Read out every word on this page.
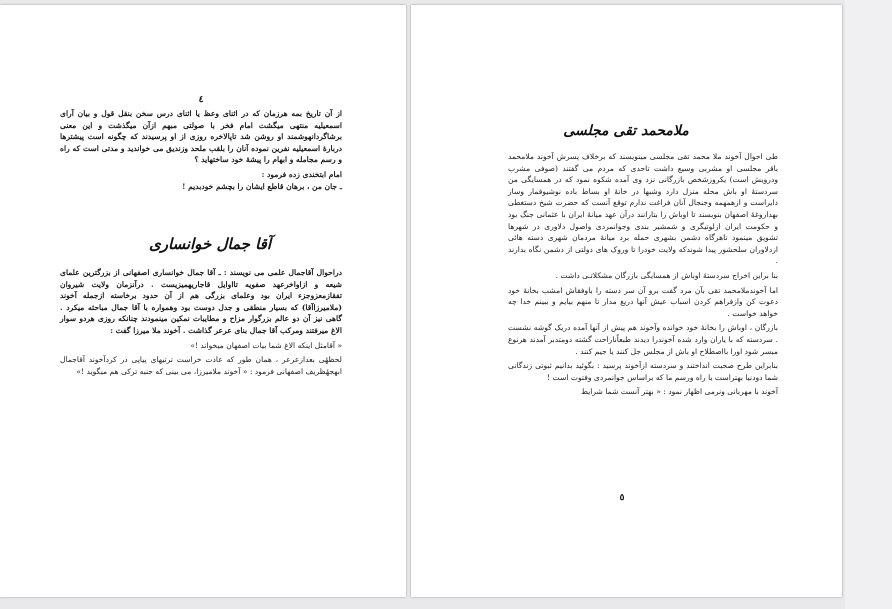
٤

از آن تاریخ بمه هرزمان که در اثنای وعظ یا اثنای درس سخن بنقل قول و بیان آرای اسمعیلیه منتهی میگشت امام فخر با صولتی مبهم ازآن میگذشت و این معنی برشاگردانهوشمند او روشن شد تاپالاخره روزی از او پرسیدند که چگونه است پیشترها دربارهٔ اسمعیلیه نفرین نموده آنان را بلقب ملحد وزندیق می خواندید و مدتی است که راه و رسم مجامله و ابهام را پیشهٔ خود ساختهاید ؟

امام ابتخندی زده فرمود :

ـ جان من ، برهان قاطع ایشان را بچشم خودبدیم !

آقا جمال خوانساری

دراحوال آقاجمال علمی می نویسند : ـ آقا جمال خوانساری اصفهانی از بزرگترین علمای شیعه و ازاواخرعهد صفویه تااوایل قاجاریهمیزیست . درآنزمان ولایت شیروان تفقازمعزوجزء ایران بود وعلمای بزرگی هم از آن حدود برخاسته ازجمله آخوند (ملامیرزاآقا) که بسیار منطقی و جدل دوست بود وهمواره با آقا جمال مباحثه میکرد . گاهی نیز آن دو عالم بزرگوار مزاح و مطایبات نمکین مینمودند چنانکه روزی هردو سوار الاغ میرفتند ومرکب آقا جمال بنای عرعر گذاشت . آخوند ملا میرزا گفت :

« آقامثل اینکه الاغ شما بیات اصفهان میخواند !»

لحظهٔی بعدازعرعر ، همان طور که عادت خراست ترتیهای پیاپی در کردآخوند آقاجمال ابهجهٔظریف اصفهانی فرمود : « آخوند ملامیرزا، می بینی که جنبه ترکی هم میگوید !»

ملامحمد تقی مجلسی

طی احوال آخوند ملا محمد تقی مجلسی مینویسند که برخلاف پسرش آخوند ملامحمد باقر مجلسی او مشربی وسیع داشت تاحدی که مردم می گفتند (صوفی مشرب ودرویش است) یکروزشخص بازرگانی نزد وی آمده شکوه نمود که در همسایگی من سردستهٔ او باش محله منزل دارد وشبها در خانهٔ او بساط باده نوشیوقمار وساز دایراست و ازهمهمه وجنجال آنان فراغت ندارم توقع آنست که حضرت شیخ دستغطی بهداروغهٔ اصفهان بنویسند تا اوباش را بتارانند درآن عهد میانهٔ ایران با عثمانی جنگ بود و حکومت ایران ازلوتیگری و شمشیر بندی وجوانمردی واصول دلاوری در شهرها تشویق مینمود تاهرگاه دشمن بشهری حمله برد میانهٔ مردمان شهری دسته هائی ازدلاوران سلحشور پیدا شوندکه ولایت خودرا تا وروک های دولتی از دشمن نگاه بدارند .

بنا براین اخراج سردستهٔ اوباش از همسایگی بازرگان مشکلاتـی داشت .

اما آخوندملامحمد تقی بآن مرد گفت برو آن سر دسته را باوفقاش امشب بخانهٔ خود دعوت کن وازفراهم کردن اسباب عیش آنها دریغ مدار تا منهم بیایم و ببینم خدا چه خواهد خواست .

بازرگان ، اوباش را بخانهٔ خود خوانده وآخوند هم پیش از آنها آمده دریک گوشه نشست . سردسته که با یاران وارد شده آخوندرا دیدند طبعاًناراحت گشته دومتدبر آمدند هرنوع مبسر شود اورا بااصطلاح او باش از مجلس جل کنند یا جیم کنند .

بنابراین طرح صحبت انداختند و سردسته ازآخوند پرسید : بگوئید بدانیم ثبوتی زندگانی شما دودنیا بهتراست یا راه ورسم ما که براساس جوانمردی وفتوت است !

آخوند با مهربانی ونرمی اظهار نمود : « بهتر آنست شما شرایط

٥
